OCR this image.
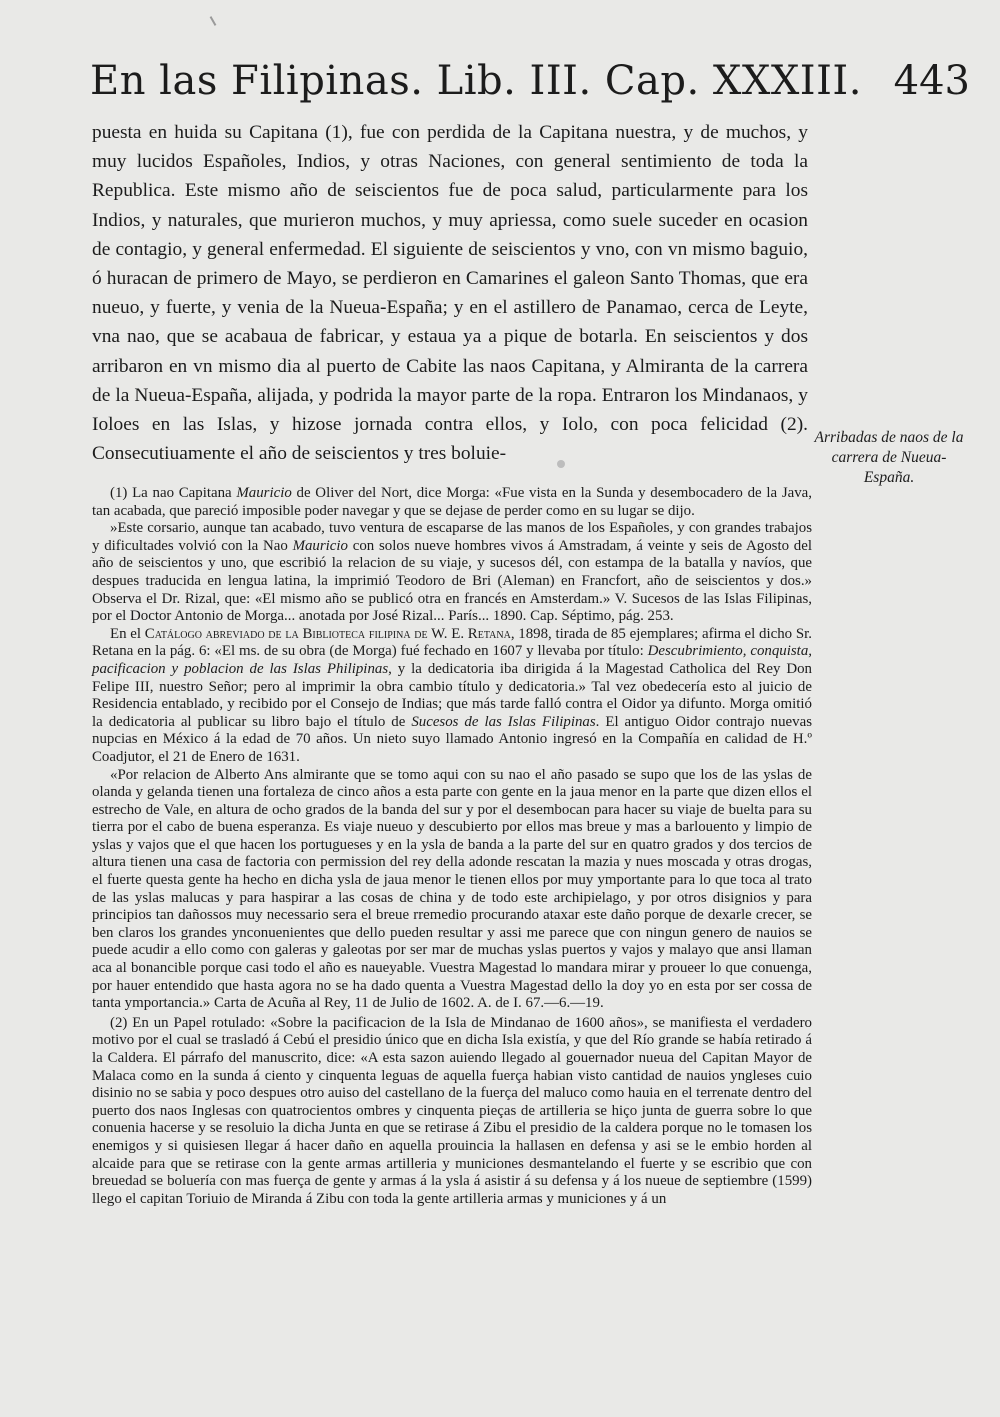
En las Filipinas. Lib. III. Cap. XXXIII. 443

puesta en huida su Capitana (1), fue con perdida de la Capitana nuestra, y de muchos, y muy lucidos Españoles, Indios, y otras Naciones, con general sentimiento de toda la Republica. Este mismo año de seiscientos fue de poca salud, particularmente para los Indios, y naturales, que murieron muchos, y muy apriessa, como suele suceder en ocasion de contagio, y general enfermedad. El siguiente de seiscientos y vno, con vn mismo baguio, ó huracan de primero de Mayo, se perdieron en Camarines el galeon Santo Thomas, que era nueuo, y fuerte, y venia de la Nueua-España; y en el astillero de Panamao, cerca de Leyte, vna nao, que se acabaua de fabricar, y estaua ya a pique de botarla. En seiscientos y dos arribaron en vn mismo dia al puerto de Cabite las naos Capitana, y Almiranta de la carrera de la Nueua-España, alijada, y podrida la mayor parte de la ropa. Entraron los Mindanaos, y Ioloes en las Islas, y hizose jornada contra ellos, y Iolo, con poca felicidad (2). Consecutiuamente el año de seiscientos y tres boluie-

Arribadas de naos de la carrera de Nueua-España.

(1) La nao Capitana Mauricio de Oliver del Nort, dice Morga: «Fue vista en la Sunda y desembocadero de la Java, tan acabada, que pareció imposible poder navegar y que se dejase de perder como en su lugar se dijo.

»Este corsario, aunque tan acabado, tuvo ventura de escaparse de las manos de los Españoles, y con grandes trabajos y dificultades volvió con la Nao Mauricio con solos nueve hombres vivos á Amstradam, á veinte y seis de Agosto del año de seiscientos y uno, que escribió la relacion de su viaje, y sucesos dél, con estampa de la batalla y navíos, que despues traducida en lengua latina, la imprimió Teodoro de Bri (Aleman) en Francfort, año de seiscientos y dos.» Observa el Dr. Rizal, que: «El mismo año se publicó otra en francés en Amsterdam.» V. Sucesos de las Islas Filipinas, por el Doctor Antonio de Morga... anotada por José Rizal... París... 1890. Cap. Séptimo, pág. 253.

En el Catálogo abreviado de la Biblioteca filipina de W. E. Retana, 1898, tirada de 85 ejemplares; afirma el dicho Sr. Retana en la pág. 6: «El ms. de su obra (de Morga) fué fechado en 1607 y llevaba por título: Descubrimiento, conquista, pacificacion y poblacion de las Islas Philipinas, y la dedicatoria iba dirigida á la Magestad Catholica del Rey Don Felipe III, nuestro Señor; pero al imprimir la obra cambio título y dedicatoria.» Tal vez obedecería esto al juicio de Residencia entablado, y recibido por el Consejo de Indias; que más tarde falló contra el Oidor ya difunto. Morga omitió la dedicatoria al publicar su libro bajo el título de Sucesos de las Islas Filipinas. El antiguo Oidor contrajo nuevas nupcias en México á la edad de 70 años. Un nieto suyo llamado Antonio ingresó en la Compañía en calidad de H.º Coadjutor, el 21 de Enero de 1631.

«Por relacion de Alberto Ans almirante que se tomo aqui con su nao el año pasado se supo que los de las yslas de olanda y gelanda tienen una fortaleza de cinco años a esta parte con gente en la jaua menor en la parte que dizen ellos el estrecho de Vale, en altura de ocho grados de la banda del sur y por el desembocan para hacer su viaje de buelta para su tierra por el cabo de buena esperanza. Es viaje nueuo y descubierto por ellos mas breue y mas a barlouento y limpio de yslas y vajos que el que hacen los portugueses y en la ysla de banda a la parte del sur en quatro grados y dos tercios de altura tienen una casa de factoria con permission del rey della adonde rescatan la mazia y nues moscada y otras drogas, el fuerte questa gente ha hecho en dicha ysla de jaua menor le tienen ellos por muy ymportante para lo que toca al trato de las yslas malucas y para haspirar a las cosas de china y de todo este archipielago, y por otros disignios y para principios tan dañossos muy necessario sera el breue rremedio procurando ataxar este daño porque de dexarle crecer, se ben claros los grandes ynconuenientes que dello pueden resultar y assi me parece que con ningun genero de nauios se puede acudir a ello como con galeras y galeotas por ser mar de muchas yslas puertos y vajos y malayo que ansi llaman aca al bonancible porque casi todo el año es naueyable. Vuestra Magestad lo mandara mirar y proueer lo que conuenga, por hauer entendido que hasta agora no se ha dado quenta a Vuestra Magestad dello la doy yo en esta por ser cossa de tanta ymportancia.» Carta de Acuña al Rey, 11 de Julio de 1602. A. de I. 67.—6.—19.

(2) En un Papel rotulado: «Sobre la pacificacion de la Isla de Mindanao de 1600 años», se manifiesta el verdadero motivo por el cual se trasladó á Cebú el presidio único que en dicha Isla existía, y que del Río grande se había retirado á la Caldera. El párrafo del manuscrito, dice: «A esta sazon auiendo llegado al gouernador nueua del Capitan Mayor de Malaca como en la sunda á ciento y cinquenta leguas de aquella fuerça habian visto cantidad de nauios yngleses cuio disinio no se sabia y poco despues otro auiso del castellano de la fuerça del maluco como hauia en el terrenate dentro del puerto dos naos Inglesas con quatrocientos ombres y cinquenta pieças de artilleria se hiço junta de guerra sobre lo que conuenia hacerse y se resoluio la dicha Junta en que se retirase á Zibu el presidio de la caldera porque no le tomasen los enemigos y si quisiesen llegar á hacer daño en aquella prouincia la hallasen en defensa y asi se le embio horden al alcaide para que se retirase con la gente armas artilleria y municiones desmantelando el fuerte y se escribio que con breuedad se boluería con mas fuerça de gente y armas á la ysla á asistir á su defensa y á los nueue de septiembre (1599) llego el capitan Toriuio de Miranda á Zibu con toda la gente artilleria armas y municiones y á un
